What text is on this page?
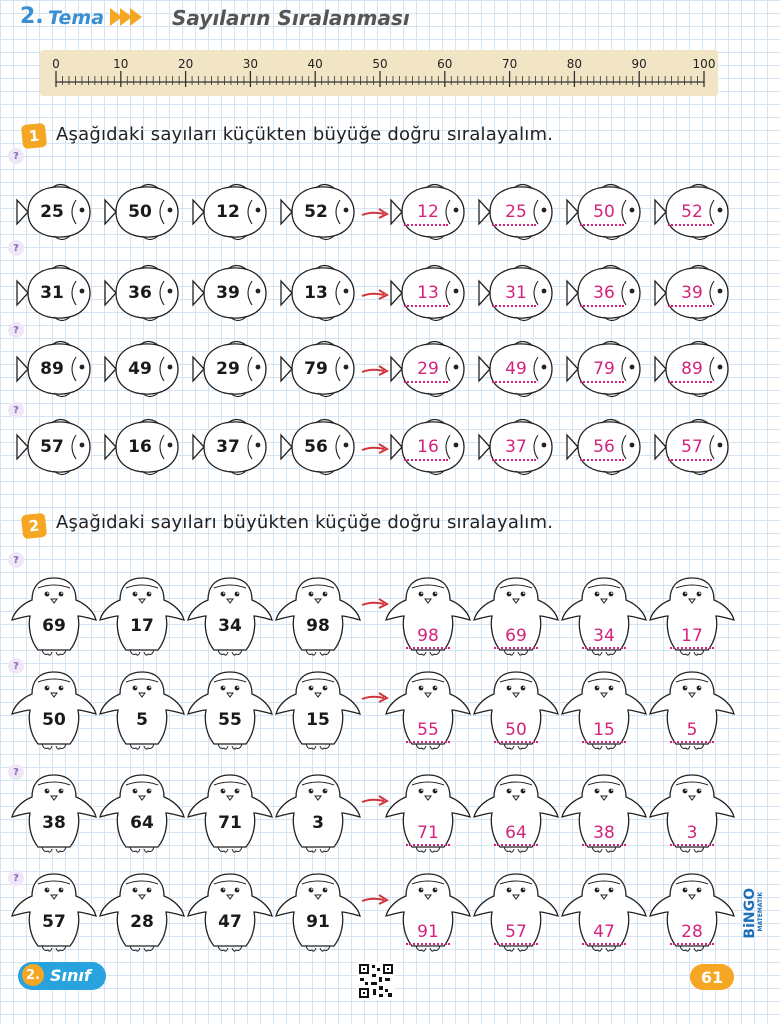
2. Tema	Sayıların Sıralanması
0	10	20	30	40	50	60	70	80	90	100
1 Aşağıdaki sayıları küçükten büyüğe doğru sıralayalım.
25	50	12	52	12	25	50	52
31	36	39	13	13	31	36	39
89	49	29	79	29	49	79	89
57	16	37	56	16	37	56	57
2 Aşağıdaki sayıları büyükten küçüğe doğru sıralayalım.
69	17	34	98	98	69	34	17
50	5	55	15	55	50	15	5
38	64	71	3	71	64	38	3
57	28	47	91	91	57	47	28
?
?
?
?
?
?
?
?
2. Sınıf	61
BiNGO MATEMATİK
